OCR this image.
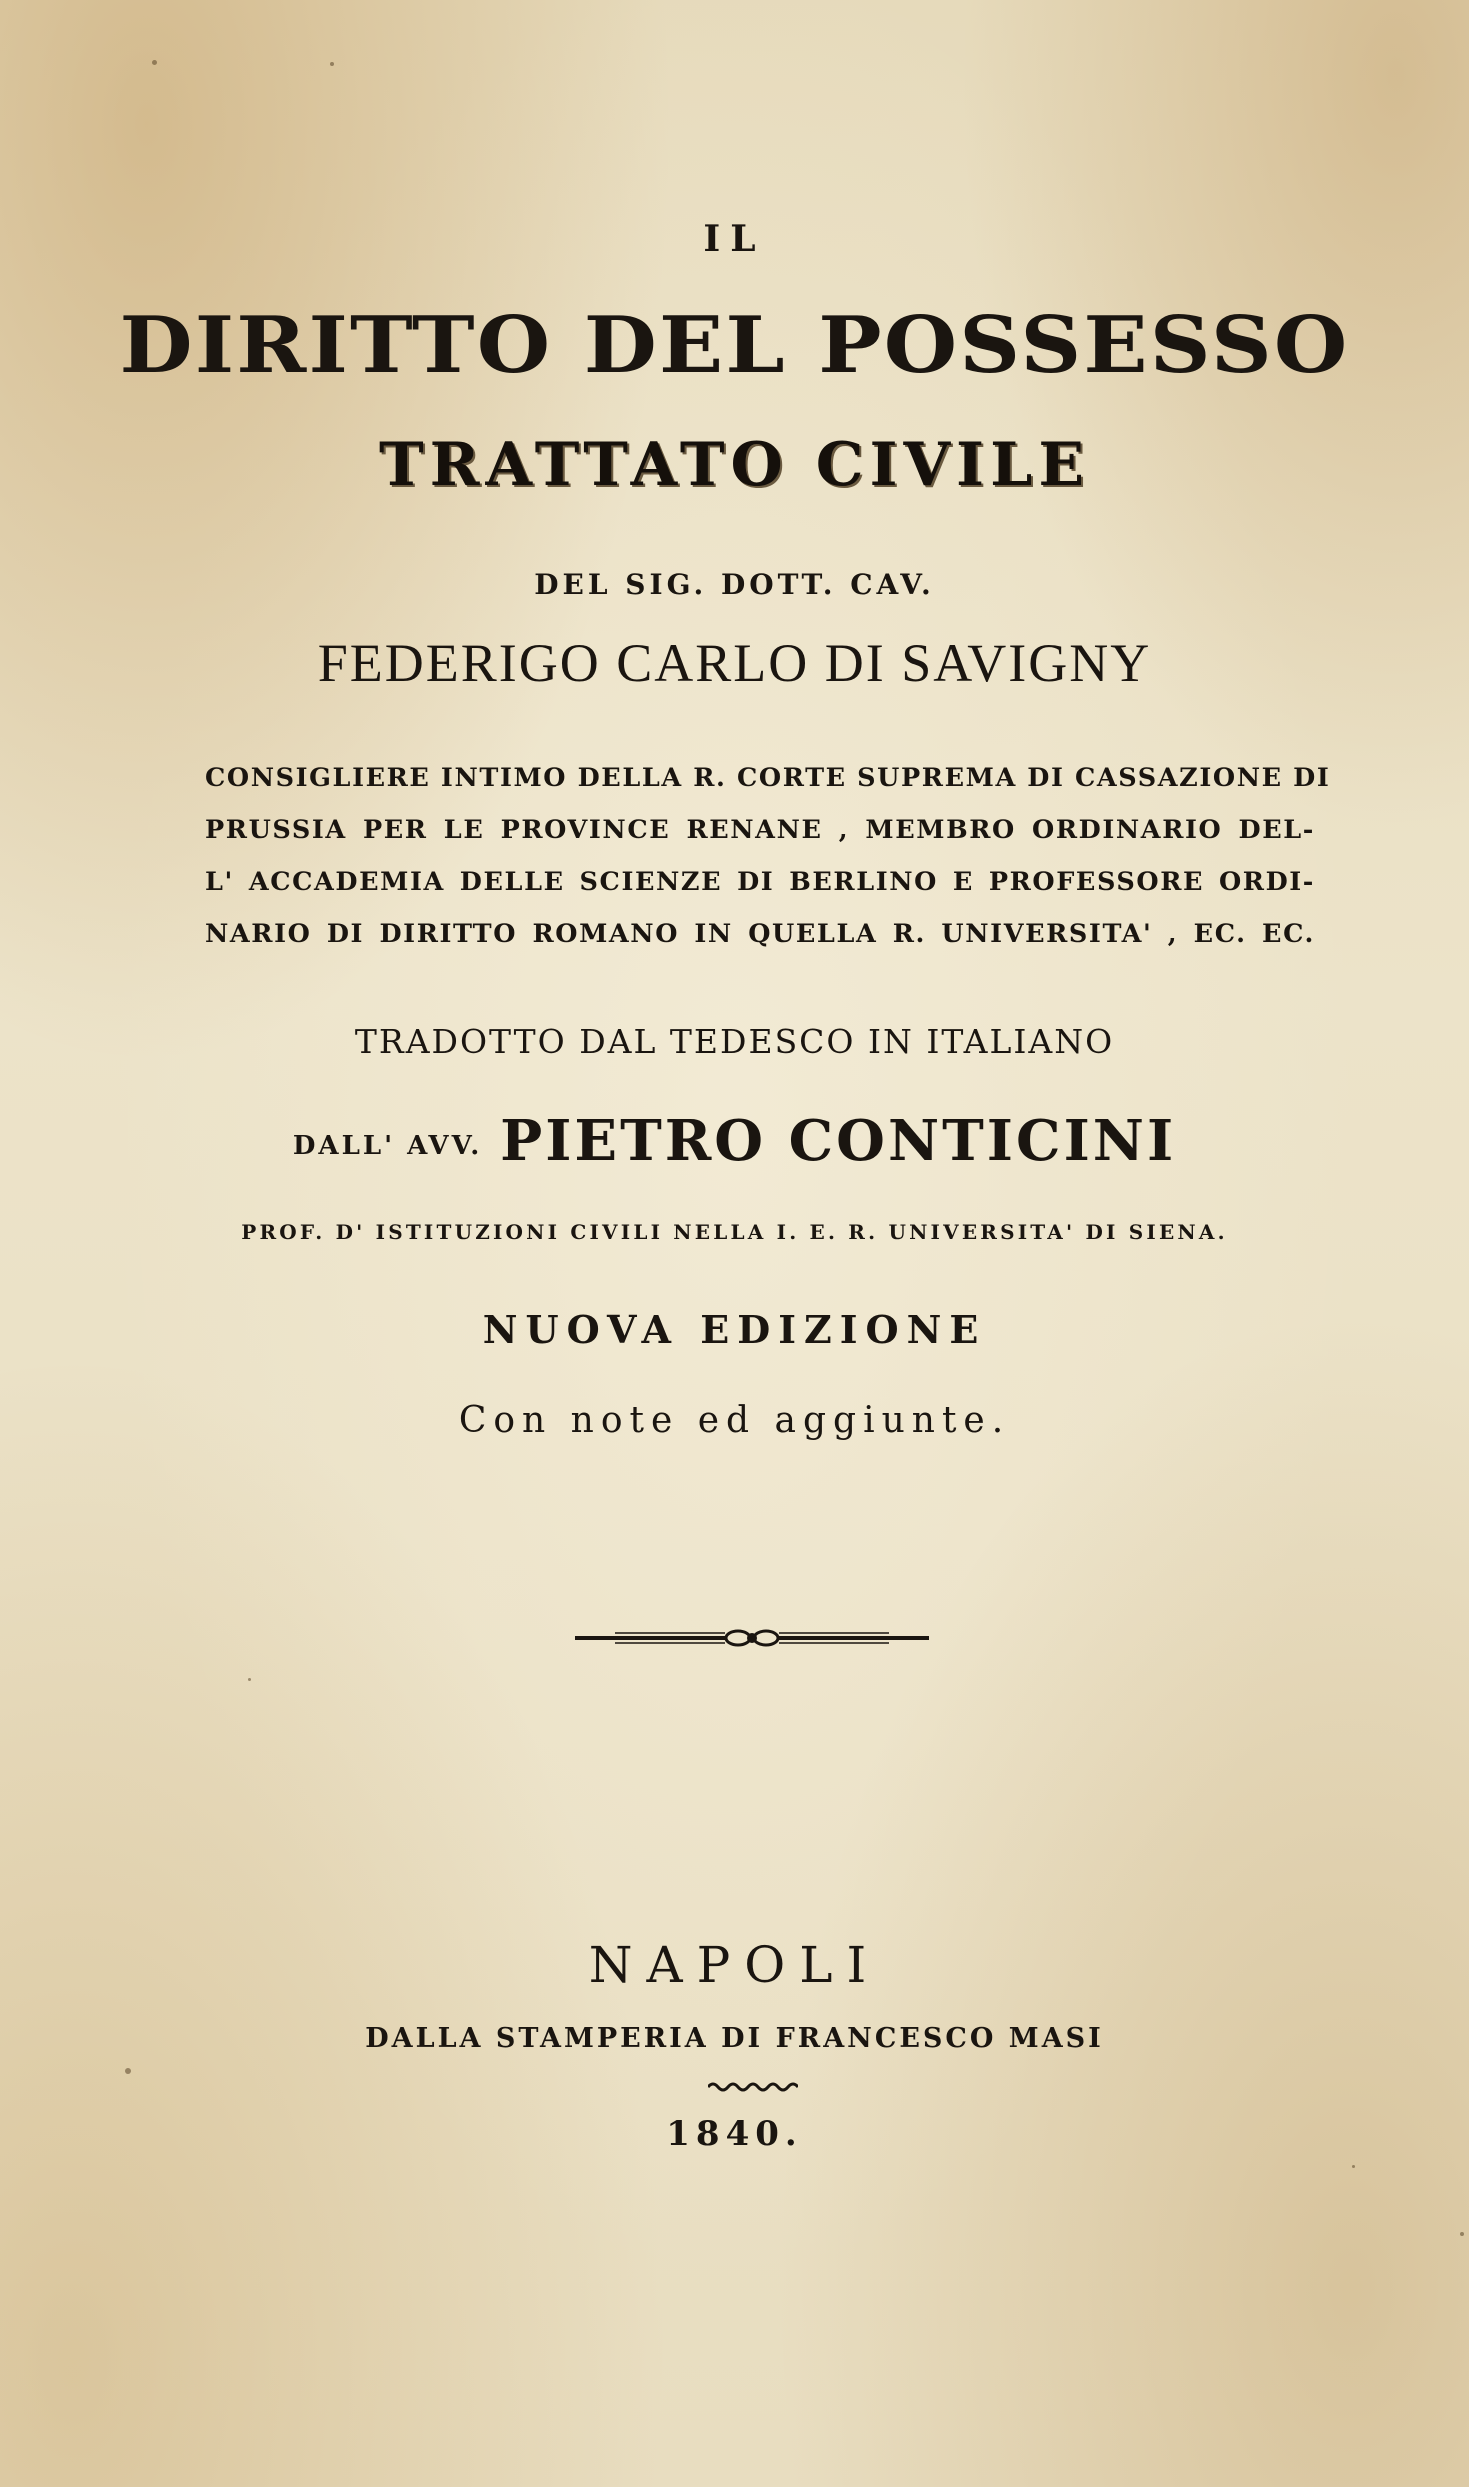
IL
DIRITTO DEL POSSESSO
TRATTATO CIVILE
DEL SIG. DOTT. CAV.
FEDERIGO CARLO DI SAVIGNY
CONSIGLIERE INTIMO DELLA R. CORTE SUPREMA DI CASSAZIONE DI
PRUSSIA PER LE PROVINCE RENANE , MEMBRO ORDINARIO DEL-
L' ACCADEMIA DELLE SCIENZE DI BERLINO E PROFESSORE ORDI-
NARIO DI DIRITTO ROMANO IN QUELLA R. UNIVERSITA' , EC. EC.
TRADOTTO DAL TEDESCO IN ITALIANO
DALL' AVV. PIETRO CONTICINI
PROF. D' ISTITUZIONI CIVILI NELLA I. E. R. UNIVERSITA' DI SIENA.
NUOVA EDIZIONE
Con note ed aggiunte.
NAPOLI
DALLA STAMPERIA DI FRANCESCO MASI
1840.
